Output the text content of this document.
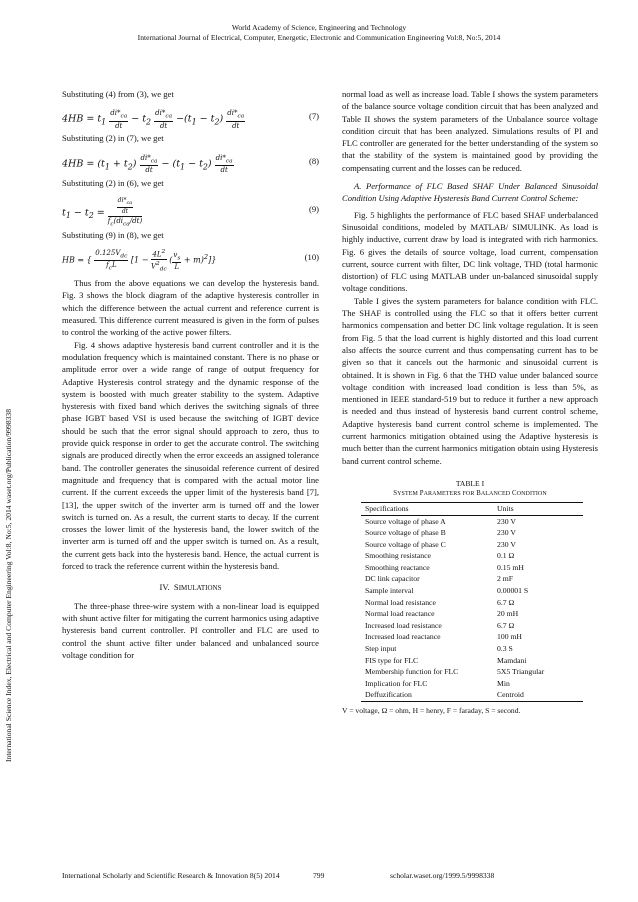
World Academy of Science, Engineering and Technology
International Journal of Electrical, Computer, Energetic, Electronic and Communication Engineering Vol:8, No:5, 2014
International Science Index, Electrical and Computer Engineering Vol:8, No:5, 2014 waset.org/Publication/9998338

Substituting (4) from (3), we get

$4HB = t_1 \frac{di*_{ca}}{dt} - t_2 \frac{di*_{ca}}{dt} -(t_1 - t_2) \frac{di*_{ca}}{dt}$	(7)

Substituting (2) in (7), we get

$4HB = (t_1 + t_2) \frac{di*_{ca}}{dt} - (t_1 - t_2) \frac{di*_{ca}}{dt}$	(8)

Substituting (2) in (6), we get

$t_1 - t_2 = \frac{\frac{di*_{ca}}{dt}}{f_c(di_{ca}/dt)}$	(9)

Substituting (9) in (8), we get

HB = { $\frac{0.125V_{dc}}{f_cL} [1 - \frac{4L^2}{V^2_{dc}}$ ( $\frac{v_s}{L} + m)^2$]}	(10)

Thus from the above equations we can develop the hysteresis band. Fig. 3 shows the block diagram of the adaptive hysteresis controller in which the difference between the actual current and reference current is measured. This difference current measured is given in the form of pulses to control the working of the active power filters.

Fig. 4 shows adaptive hysteresis band current controller and it is the modulation frequency which is maintained constant. There is no phase or amplitude error over a wide range of range of output frequency for Adaptive Hysteresis control strategy and the dynamic response of the system is boosted with much greater stability to the system. Adaptive hysteresis with fixed band which derives the switching signals of three phase IGBT based VSI is used because the switching of IGBT device should be such that the error signal should approach to zero, thus to provide quick response in order to get the accurate control. The switching signals are produced directly when the error exceeds an assigned tolerance band. The controller generates the sinusoidal reference current of desired magnitude and frequency that is compared with the actual motor line current. If the current exceeds the upper limit of the hysteresis band [7], [13], the upper switch of the inverter arm is turned off and the lower switch is turned on. As a result, the current starts to decay. If the current crosses the lower limit of the hysteresis band, the lower switch of the inverter arm is turned off and the upper switch is turned on. As a result, the current gets back into the hysteresis band. Hence, the actual current is forced to track the reference current within the hysteresis band.

IV.  SIMULATIONS

The three-phase three-wire system with a non-linear load is equipped with shunt active filter for mitigating the current harmonics using adaptive hysteresis band current controller. PI controller and FLC are used to control the shunt active filter under balanced and unbalanced source voltage condition for

normal load as well as increase load. Table I shows the system parameters of the balance source voltage condition circuit that has been analyzed and Table II shows the system parameters of the Unbalance source voltage condition circuit that has been analyzed. Simulations results of PI and FLC controller are generated for the better understanding of the system so that the stability of the system is maintained good by providing the compensating current and the losses can be reduced.

A. Performance of FLC Based SHAF Under Balanced Sinusoidal Condition Using Adaptive Hysteresis Band Current Control Scheme:

Fig. 5 highlights the performance of FLC based SHAF underbalanced Sinusoidal conditions, modeled by MATLAB/ SIMULINK. As load is highly inductive, current draw by load is integrated with rich harmonics. Fig. 6 gives the details of source voltage, load current, compensation current, source current with filter, DC link voltage, THD (total harmonic distortion) of FLC using MATLAB under un-balanced sinusoidal supply voltage conditions.

Table I gives the system parameters for balance condition with FLC. The SHAF is controlled using the FLC so that it offers better current harmonics compensation and better DC link voltage regulation. It is seen from Fig. 5 that the load current is highly distorted and this load current also affects the source current and thus compensating current has to be given so that it cancels out the harmonic and sinusoidal current is obtained. It is shown in Fig. 6 that the THD value under balanced source voltage condition with increased load condition is less than 5%, as mentioned in IEEE standard-519 but to reduce it further a new approach is needed and thus instead of hysteresis band current control scheme, Adaptive hysteresis band current control scheme is implemented. The current harmonics mitigation obtained using the Adaptive hysteresis is much better than the current harmonics mitigation obtain using Hysteresis band current control scheme.

TABLE I
SYSTEM PARAMETERS FOR BALANCED CONDITION
Specifications	Units
Source voltage of phase A	230 V
Source voltage of phase B	230 V
Source voltage of phase C	230 V
Smoothing resistance	0.1 Ω
Smoothing reactance	0.15 mH
DC link capacitor	2 mF
Sample interval	0.00001 S
Normal load resistance	6.7 Ω
Normal load reactance	20 mH
Increased load resistance	6.7 Ω
Increased load reactance	100 mH
Step input	0.3 S
FIS type for FLC	Mamdani
Membership function for FLC	5X5 Triangular
Implication for FLC	Min
Deffuzification	Centroid
V = voltage, Ω = ohm, H = henry, F = faraday, S = second.
International Scholarly and Scientific Research & Innovation 8(5) 2014	799	scholar.waset.org/1999.5/9998338
